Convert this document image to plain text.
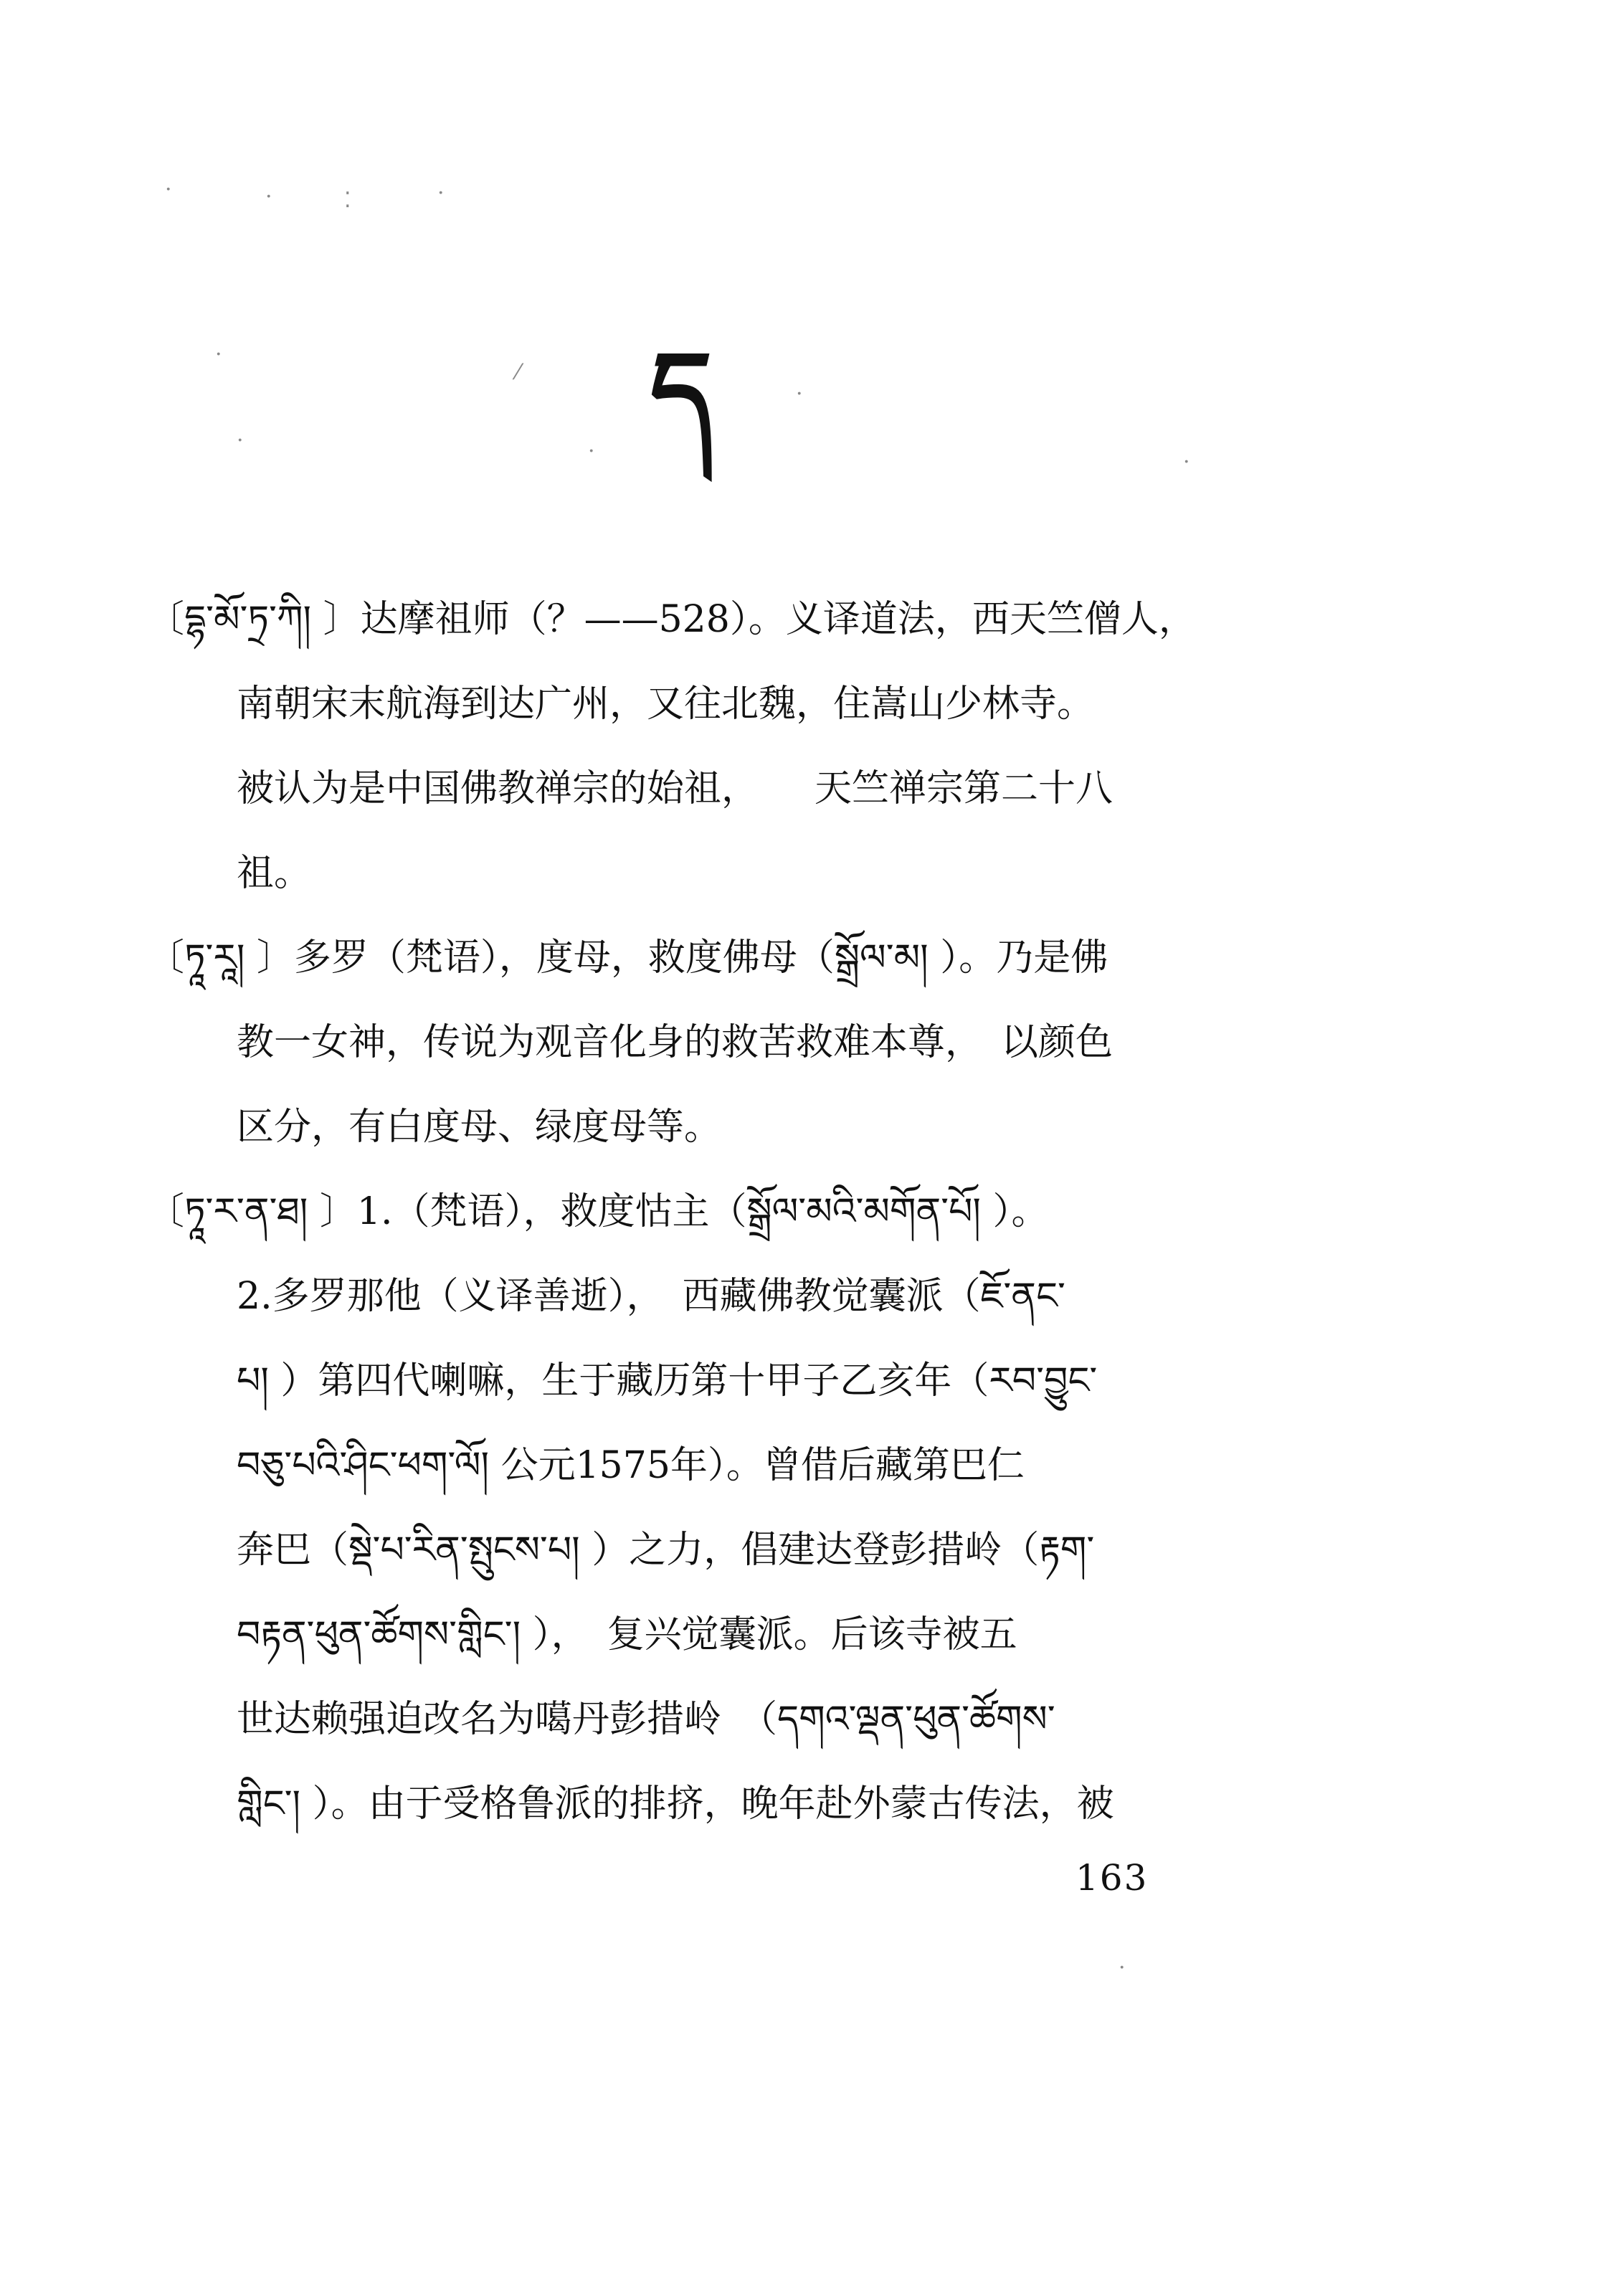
ད

〔དྷ་མོ་ཏྲ་ཀི། 〕达摩祖师（？——528）。义译道法，西天竺僧人，

南朝宋末航海到达广州，又往北魏，住嵩山少林寺。

被认为是中国佛教禅宗的始祖，　　天竺禅宗第二十八

祖。

〔ཏཱ་རཱ། 〕多罗（梵语），度母，救度佛母（སྒྲོལ་མ། ）。乃是佛

教一女神，传说为观音化身的救苦救难本尊，　以颜色

区分，有白度母、绿度母等。

〔ཏཱ་ར་ན་ཐ། 〕1.（梵语），救度怙主（སྒྲོལ་མའི་མགོན་པོ། ）。

2.多罗那他（义译善逝），　西藏佛教觉囊派（ཇོ་ནང་

པ། ）第四代喇嘛，生于藏历第十甲子乙亥年（རབ་བྱུང་

བཅུ་པའི་ཤིང་ཕག་ལོ། 公元1575年）。曾借后藏第巴仁

奔巴（སྡེ་པ་རིན་སྤུངས་པ། ）之力，倡建达登彭措岭（རྟག་

བརྟན་ཕུན་ཚོགས་གླིང་། ），　复兴觉囊派。后该寺被五

世达赖强迫改名为噶丹彭措岭　（དགའ་ལྡན་ཕུན་ཚོགས་

གླིང་། ）。由于受格鲁派的排挤，晚年赴外蒙古传法，被

163
·	·	⁚	·
·
⁄
·
·	·	·
·
